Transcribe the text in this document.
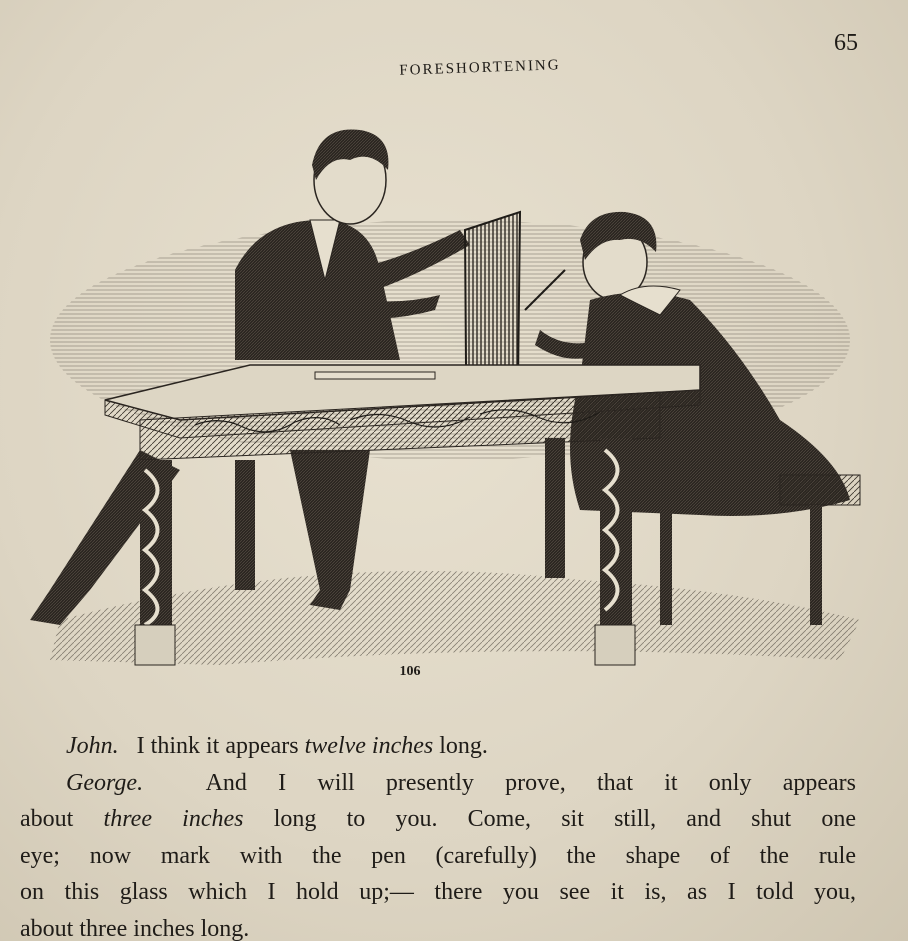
65
FORESHORTENING
106
John. I think it appears twelve inches long.
George.	And I will presently prove, that it only appears
about three inches long to you. Come, sit still, and shut one
eye; now mark with the pen (carefully) the shape of the rule
on this glass which I hold up;— there you see it is, as I told you,
about three inches long.
